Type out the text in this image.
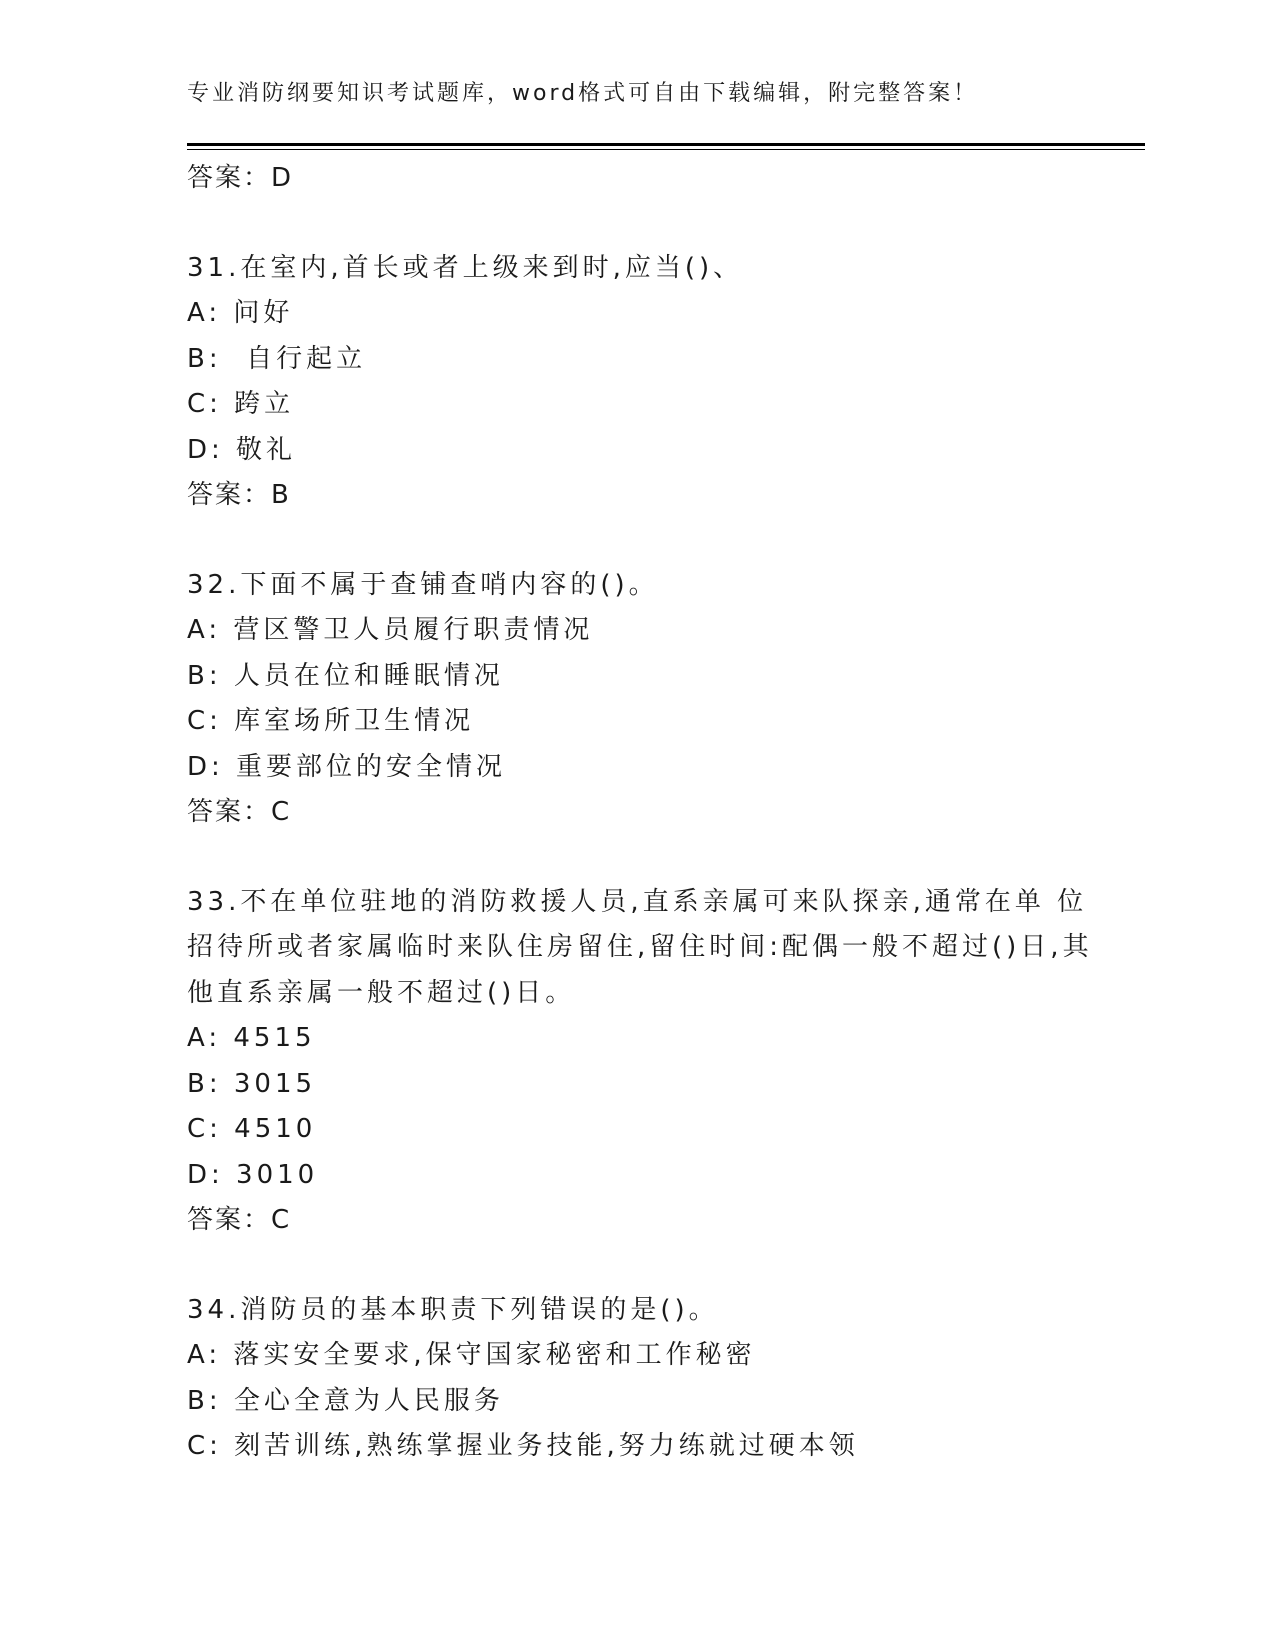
专业消防纲要知识考试题库，word格式可自由下载编辑，附完整答案！
答案：D
31.在室内,首长或者上级来到时,应当()、
A: 问好
B:  自行起立
C: 跨立
D: 敬礼
答案：B
32.下面不属于查铺查哨内容的()。
A: 营区警卫人员履行职责情况
B: 人员在位和睡眠情况
C: 库室场所卫生情况
D: 重要部位的安全情况
答案：C
33.不在单位驻地的消防救援人员,直系亲属可来队探亲,通常在单 位
招待所或者家属临时来队住房留住,留住时间:配偶一般不超过()日,其
他直系亲属一般不超过()日。
A: 4515
B: 3015
C: 4510
D: 3010
答案：C
34.消防员的基本职责下列错误的是()。
A: 落实安全要求,保守国家秘密和工作秘密
B: 全心全意为人民服务
C: 刻苦训练,熟练掌握业务技能,努力练就过硬本领
